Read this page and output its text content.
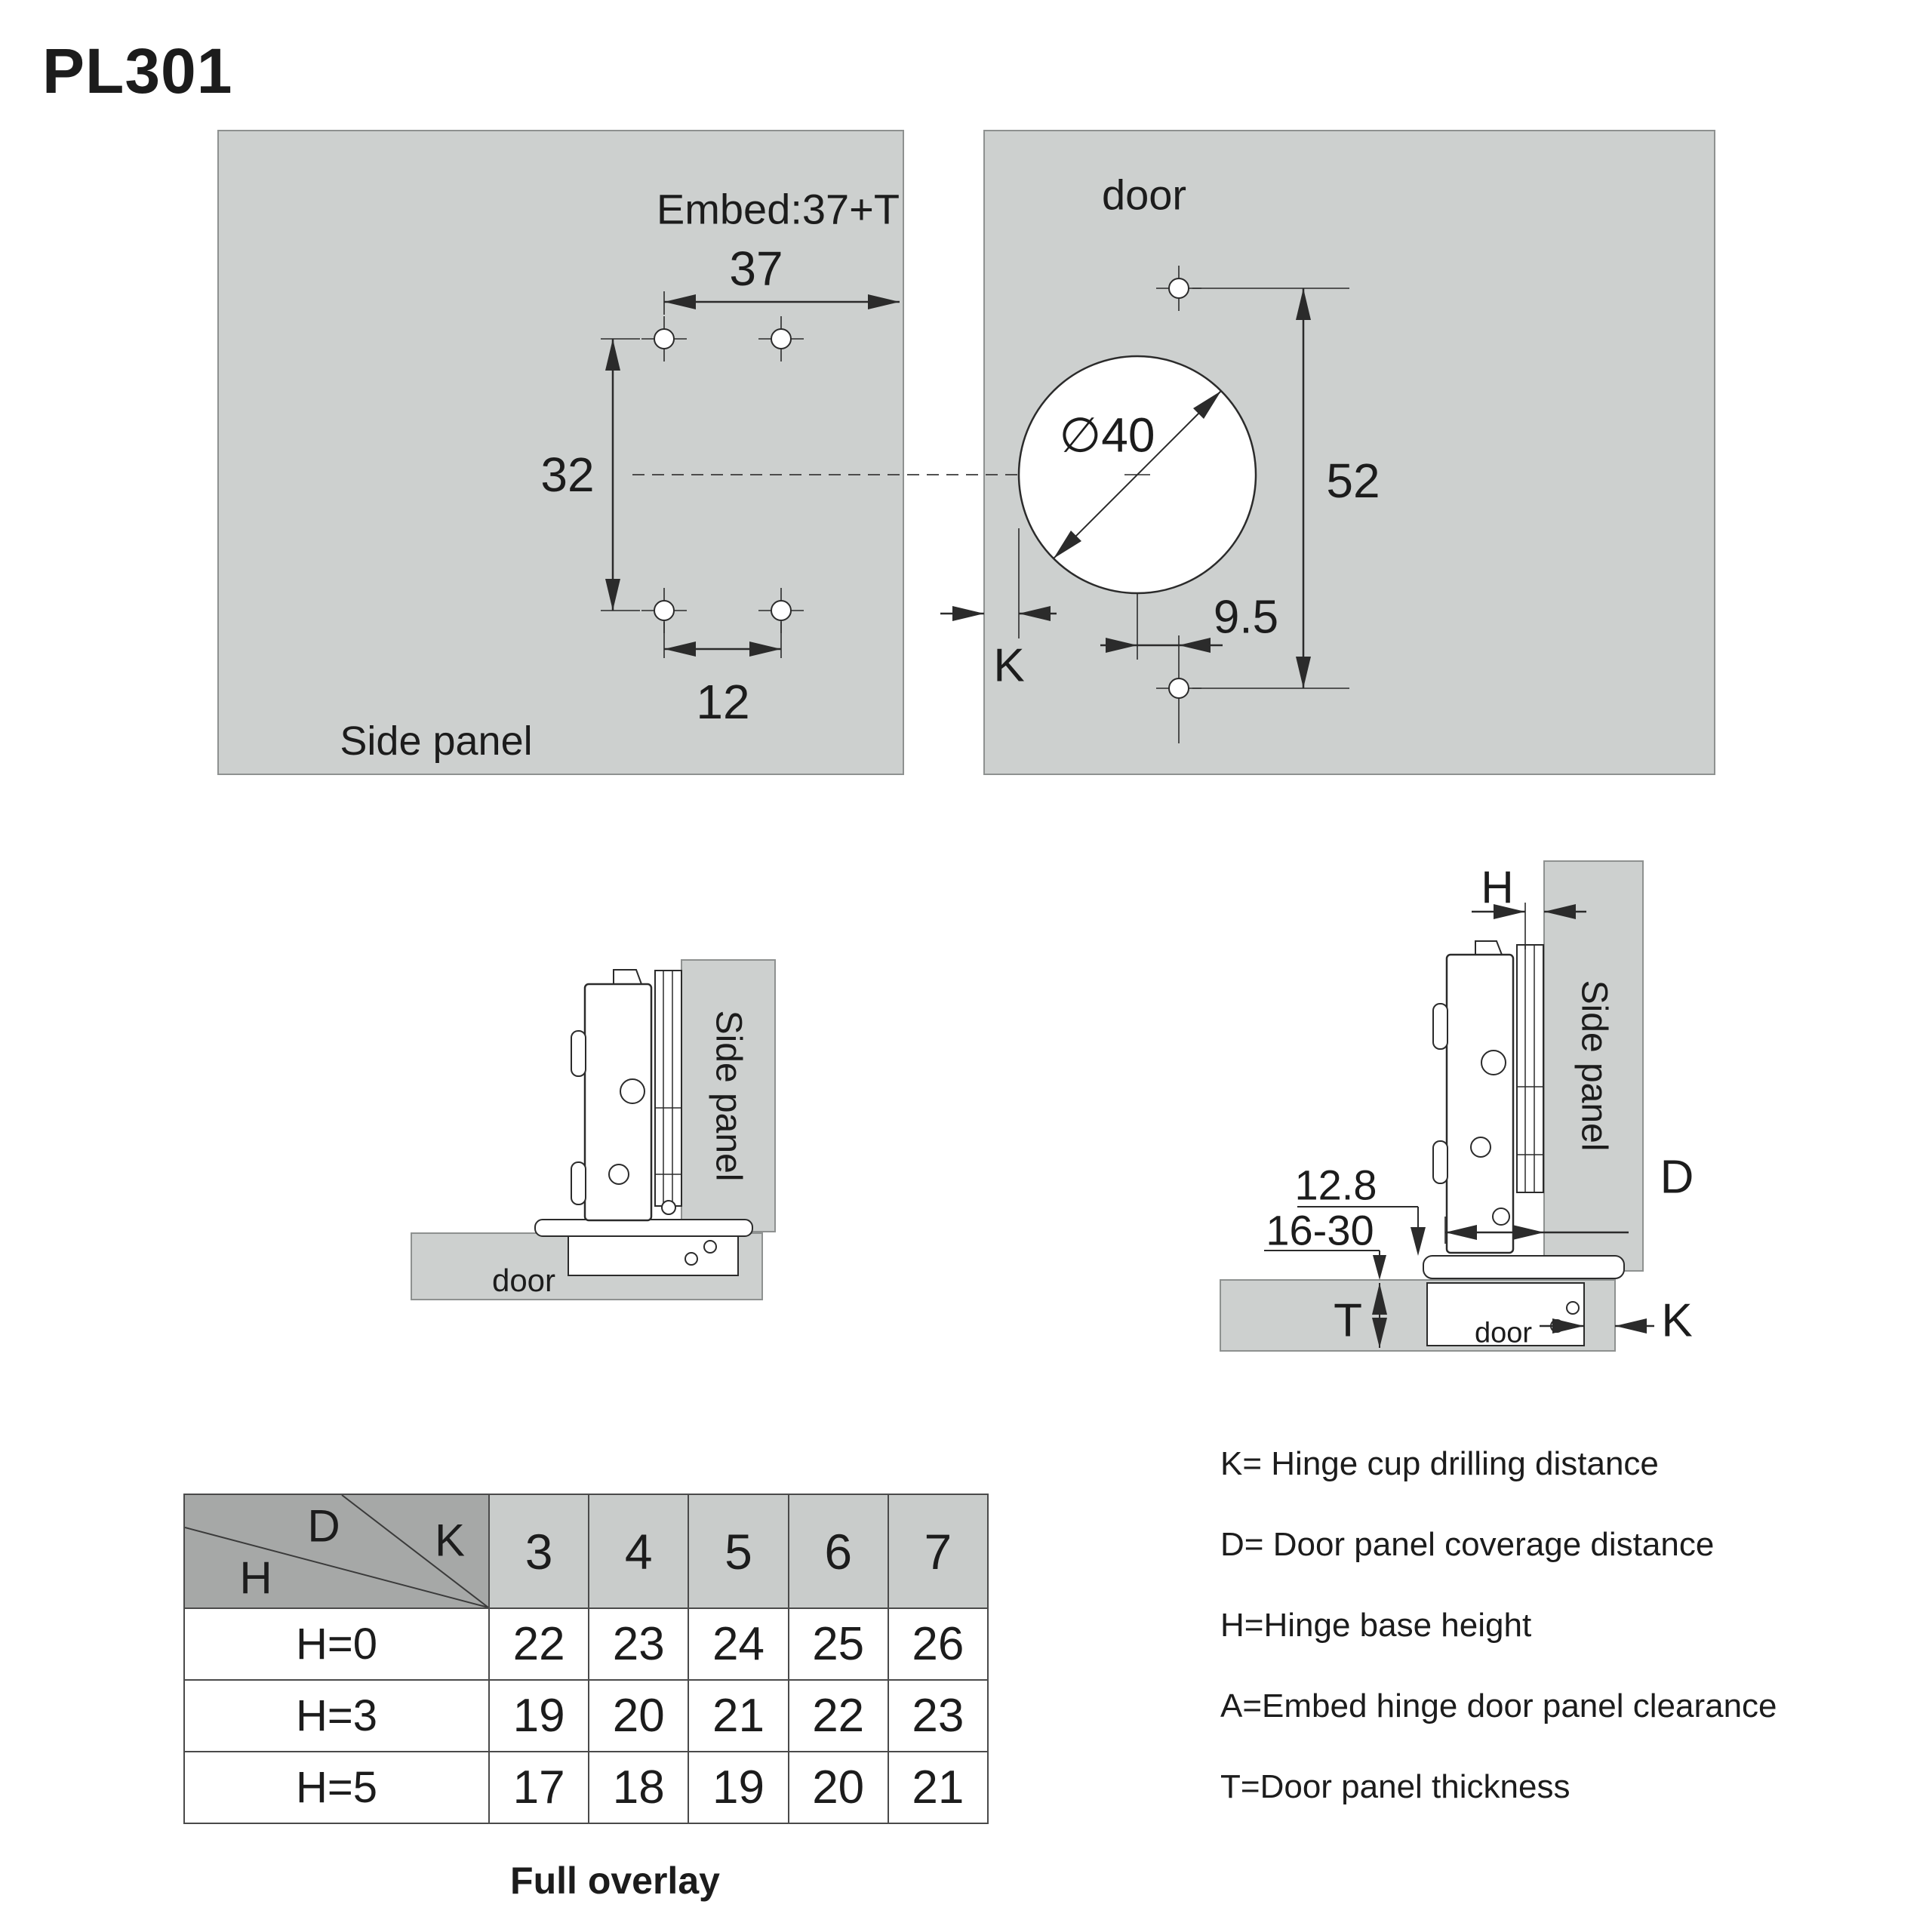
PL301
Embed:37+T
37
32
12
Side panel
door
∅40
52
9.5
K
Side panel
door
Side panel
door
H
12.8
16-30
T
D
K
D K
H	3	4	5	6	7
H=0	22	23	24	25	26
H=3	19	20	21	22	23
H=5	17	18	19	20	21
Full overlay
K= Hinge cup drilling distance
D= Door panel coverage distance
H=Hinge base height
A=Embed hinge door panel clearance
T=Door panel thickness
